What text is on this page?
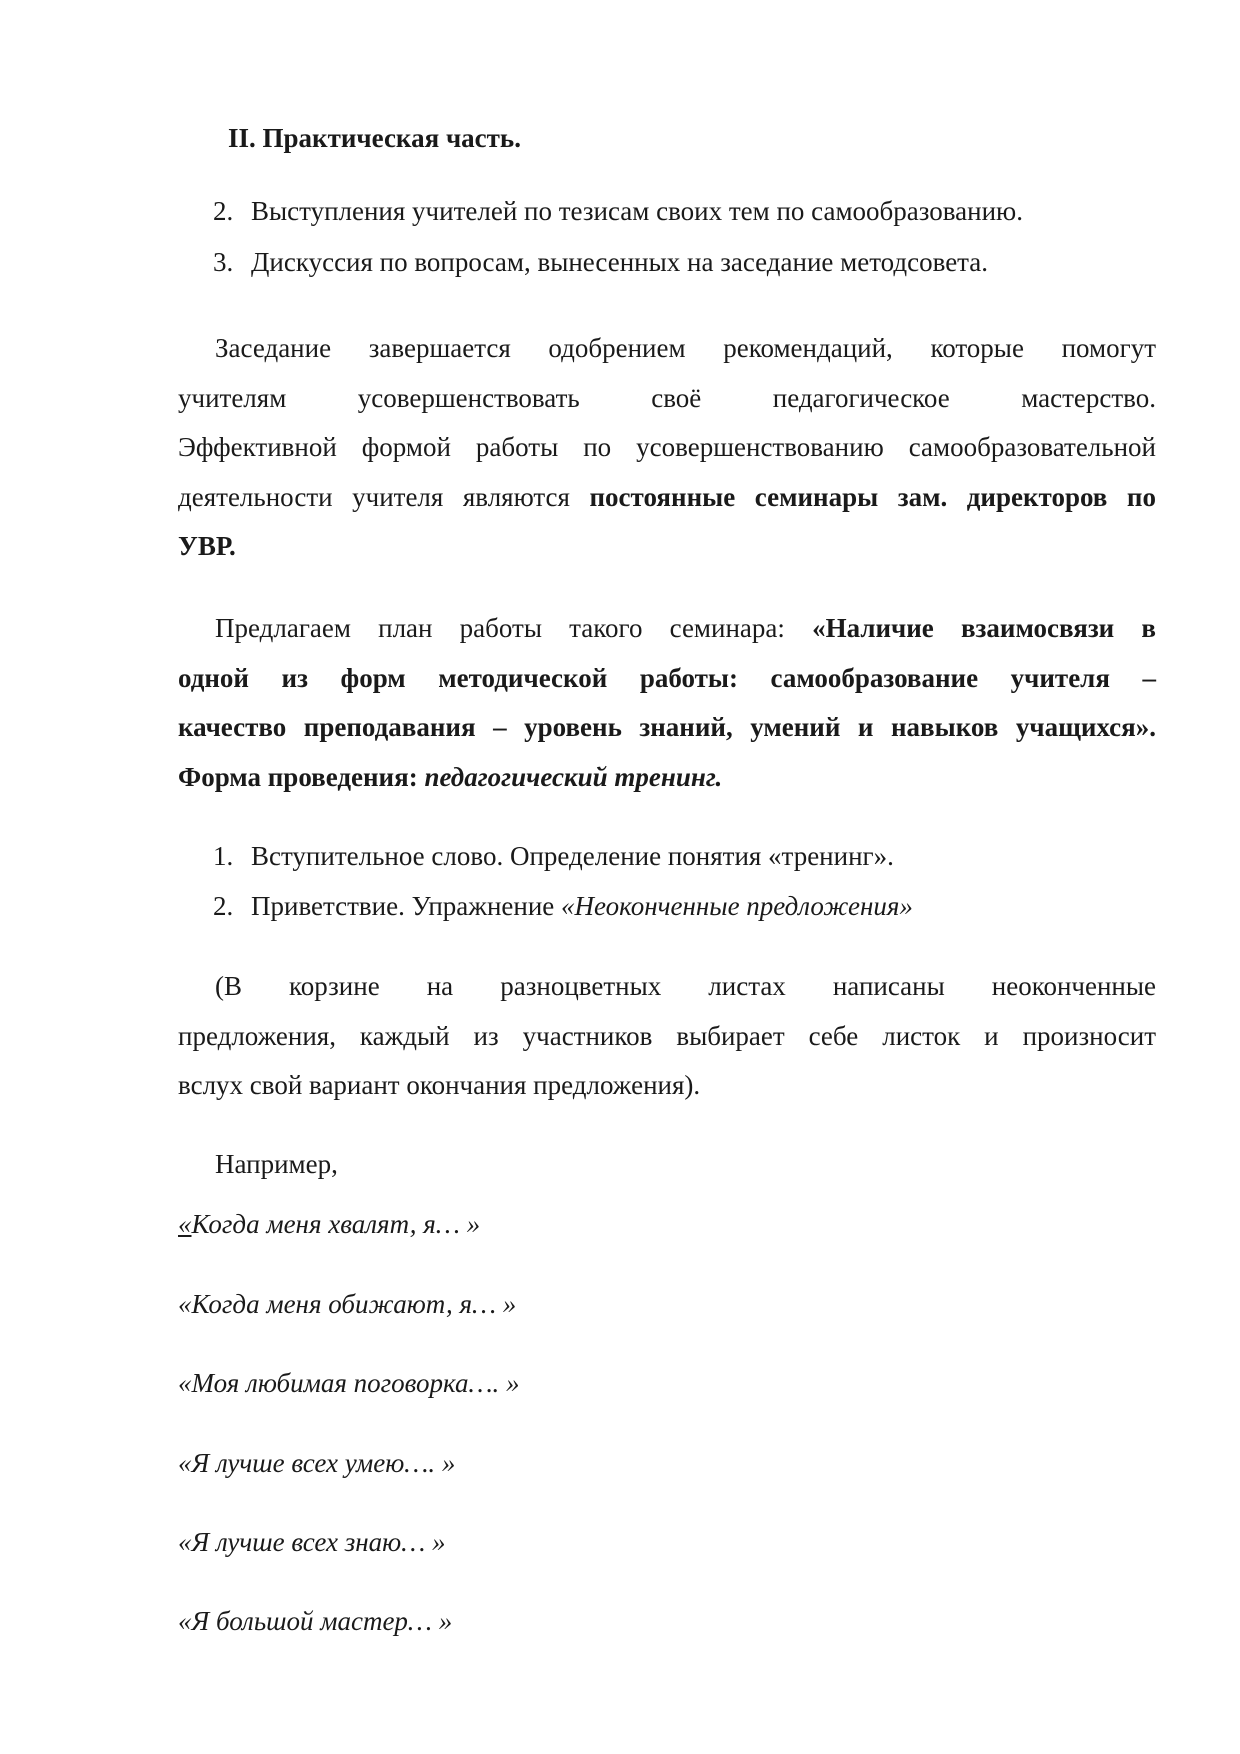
II. Практическая часть.
2. Выступления учителей по тезисам своих тем по самообразованию.
3. Дискуссия по вопросам, вынесенных на заседание методсовета.
Заседание завершается одобрением рекомендаций, которые помогут
учителям усовершенствовать своё педагогическое мастерство.
Эффективной формой работы по усовершенствованию самообразовательной
деятельности учителя являются постоянные семинары зам. директоров по
УВР.
Предлагаем план работы такого семинара: «Наличие взаимосвязи в
одной из форм методической работы: самообразование учителя –
качество преподавания – уровень знаний, умений и навыков учащихся».
Форма проведения: педагогический тренинг.
1. Вступительное слово. Определение понятия «тренинг».
2. Приветствие. Упражнение «Неоконченные предложения»
(В корзине на разноцветных листах написаны неоконченные
предложения, каждый из участников выбирает себе листок и произносит
вслух свой вариант окончания предложения).
Например,
«Когда меня хвалят, я… »
«Когда меня обижают, я… »
«Моя любимая поговорка…. »
«Я лучше всех умею…. »
«Я лучше всех знаю… »
«Я большой мастер… »
